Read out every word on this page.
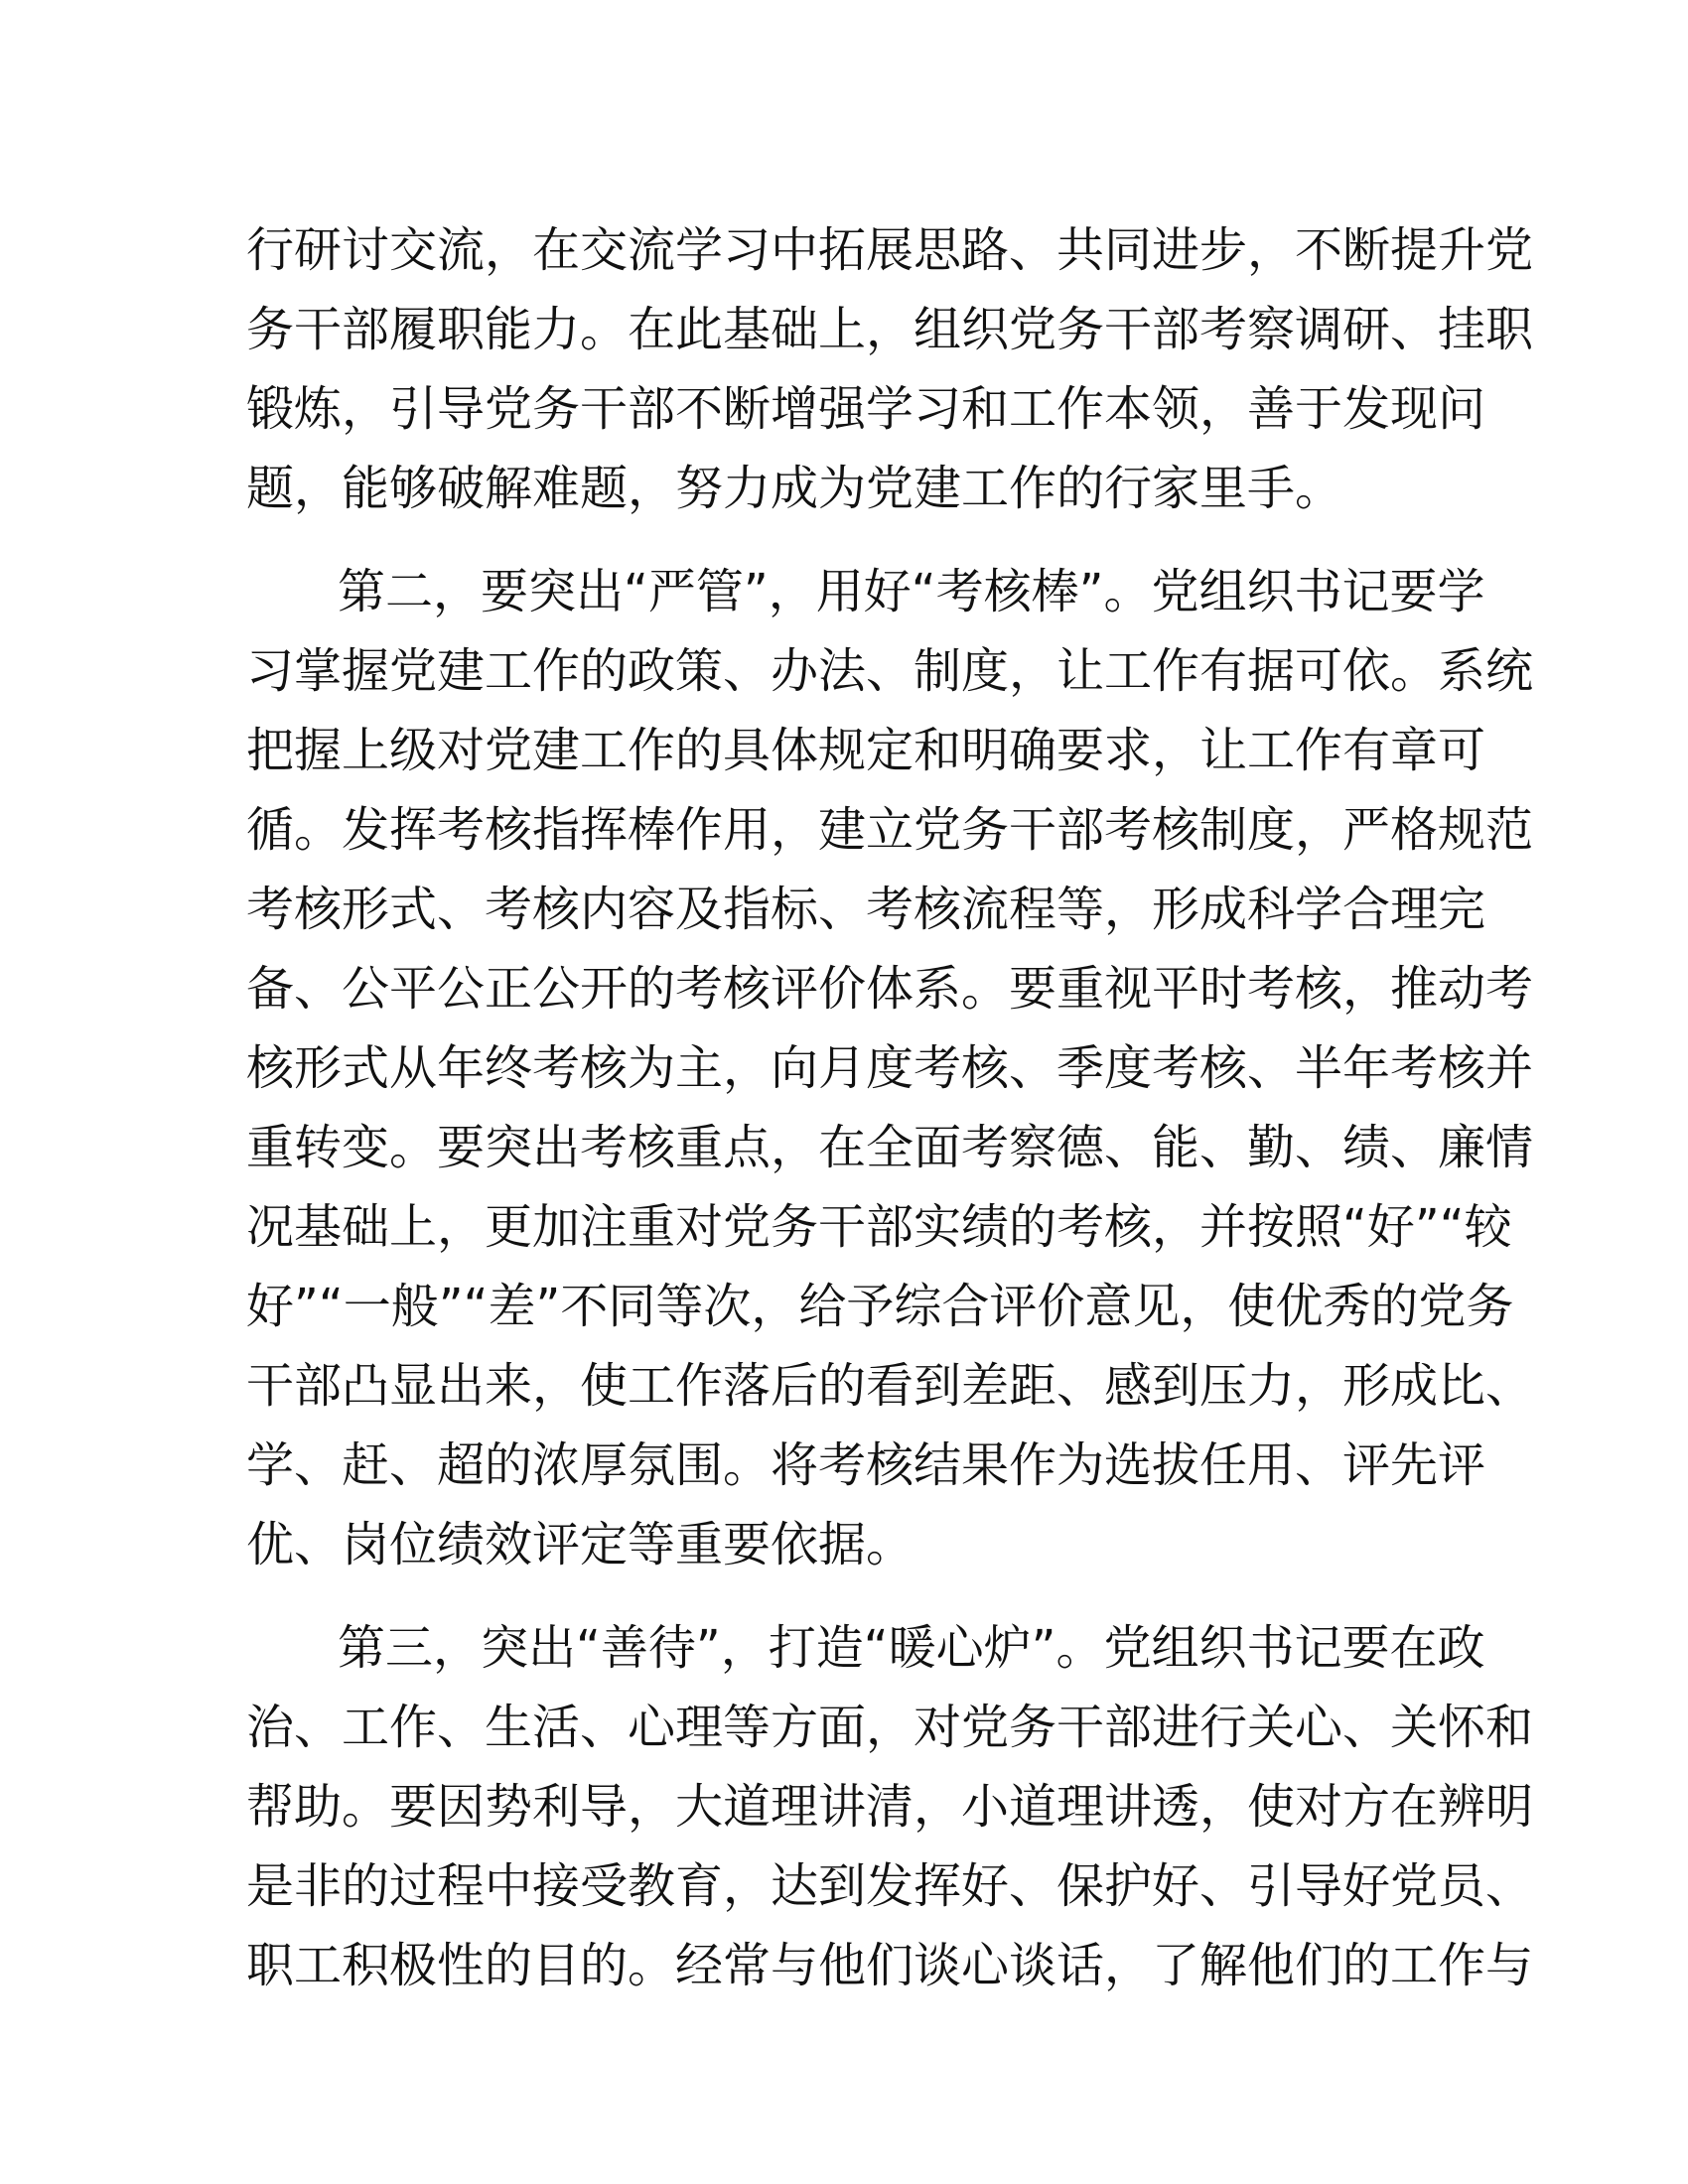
行研讨交流，在交流学习中拓展思路、共同进步，不断提升党
务干部履职能力。在此基础上，组织党务干部考察调研、挂职
锻炼，引导党务干部不断增强学习和工作本领，善于发现问
题，能够破解难题，努力成为党建工作的行家里手。
第二，要突出“严管”，用好“考核棒”。党组织书记要学
习掌握党建工作的政策、办法、制度，让工作有据可依。系统
把握上级对党建工作的具体规定和明确要求，让工作有章可
循。发挥考核指挥棒作用，建立党务干部考核制度，严格规范
考核形式、考核内容及指标、考核流程等，形成科学合理完
备、公平公正公开的考核评价体系。要重视平时考核，推动考
核形式从年终考核为主，向月度考核、季度考核、半年考核并
重转变。要突出考核重点，在全面考察德、能、勤、绩、廉情
况基础上，更加注重对党务干部实绩的考核，并按照“好”“较
好”“一般”“差”不同等次，给予综合评价意见，使优秀的党务
干部凸显出来，使工作落后的看到差距、感到压力，形成比、
学、赶、超的浓厚氛围。将考核结果作为选拔任用、评先评
优、岗位绩效评定等重要依据。
第三，突出“善待”，打造“暖心炉”。党组织书记要在政
治、工作、生活、心理等方面，对党务干部进行关心、关怀和
帮助。要因势利导，大道理讲清，小道理讲透，使对方在辨明
是非的过程中接受教育，达到发挥好、保护好、引导好党员、
职工积极性的目的。经常与他们谈心谈话，了解他们的工作与
